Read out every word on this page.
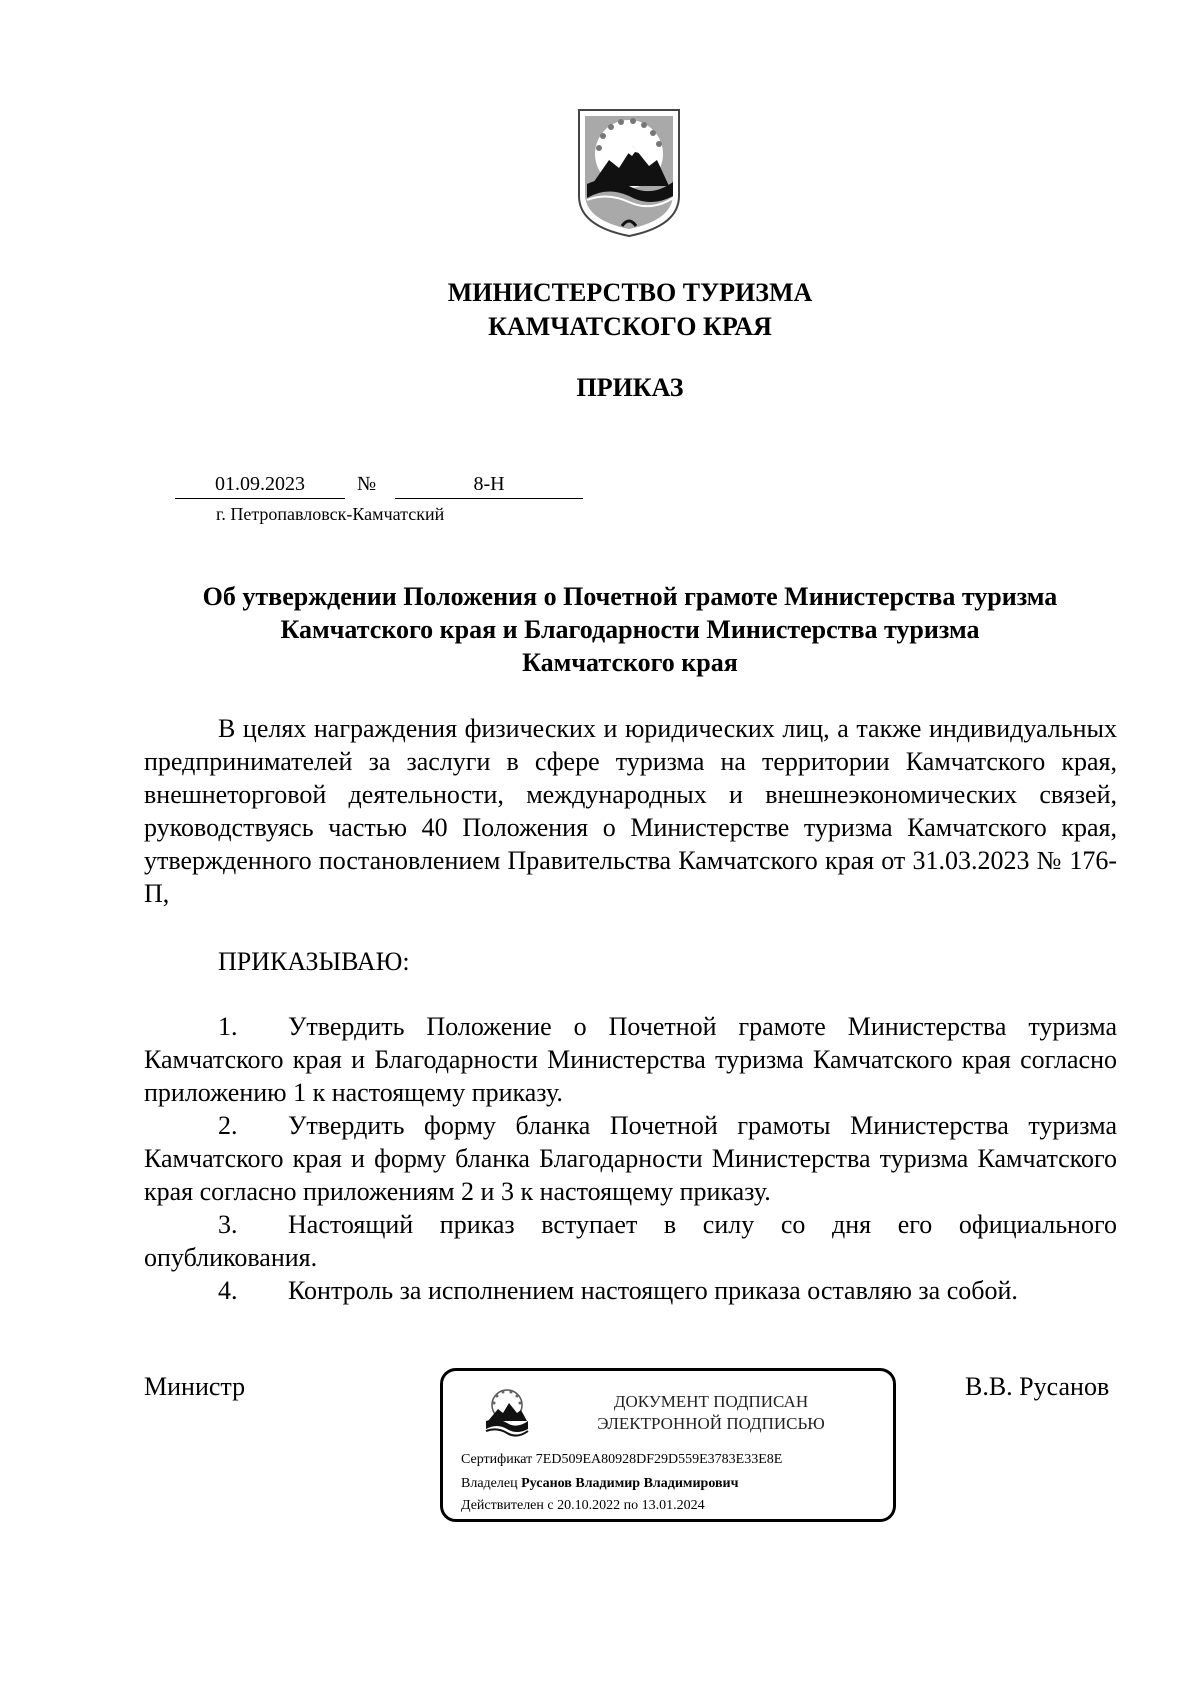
МИНИСТЕРСТВО ТУРИЗМА
КАМЧАТСКОГО КРАЯ
ПРИКАЗ
01.09.2023	№	8-Н
г. Петропавловск-Камчатский
Об утверждении Положения о Почетной грамоте Министерства туризма
Камчатского края и Благодарности Министерства туризма
Камчатского края
В целях награждения физических и юридических лиц, а также индивидуальных предпринимателей за заслуги в сфере туризма на территории Камчатского края, внешнеторговой деятельности, международных и внешнеэкономических связей, руководствуясь частью 40 Положения о Министерстве туризма Камчатского края, утвержденного постановлением Правительства Камчатского края от 31.03.2023 № 176-П,
ПРИКАЗЫВАЮ:

1. Утвердить Положение о Почетной грамоте Министерства туризма Камчатского края и Благодарности Министерства туризма Камчатского края согласно приложению 1 к настоящему приказу.

2. Утвердить форму бланка Почетной грамоты Министерства туризма Камчатского края и форму бланка Благодарности Министерства туризма Камчатского края согласно приложениям 2 и 3 к настоящему приказу.

3. Настоящий приказ вступает в силу со дня его официального опубликования.

4. Контроль за исполнением настоящего приказа оставляю за собой.

Министр	В.В. Русанов
ДОКУМЕНТ ПОДПИСАН
ЭЛЕКТРОННОЙ ПОДПИСЬЮ
Сертификат 7ED509EA80928DF29D559E3783E33E8E
Владелец Русанов Владимир Владимирович
Действителен с 20.10.2022 по 13.01.2024
